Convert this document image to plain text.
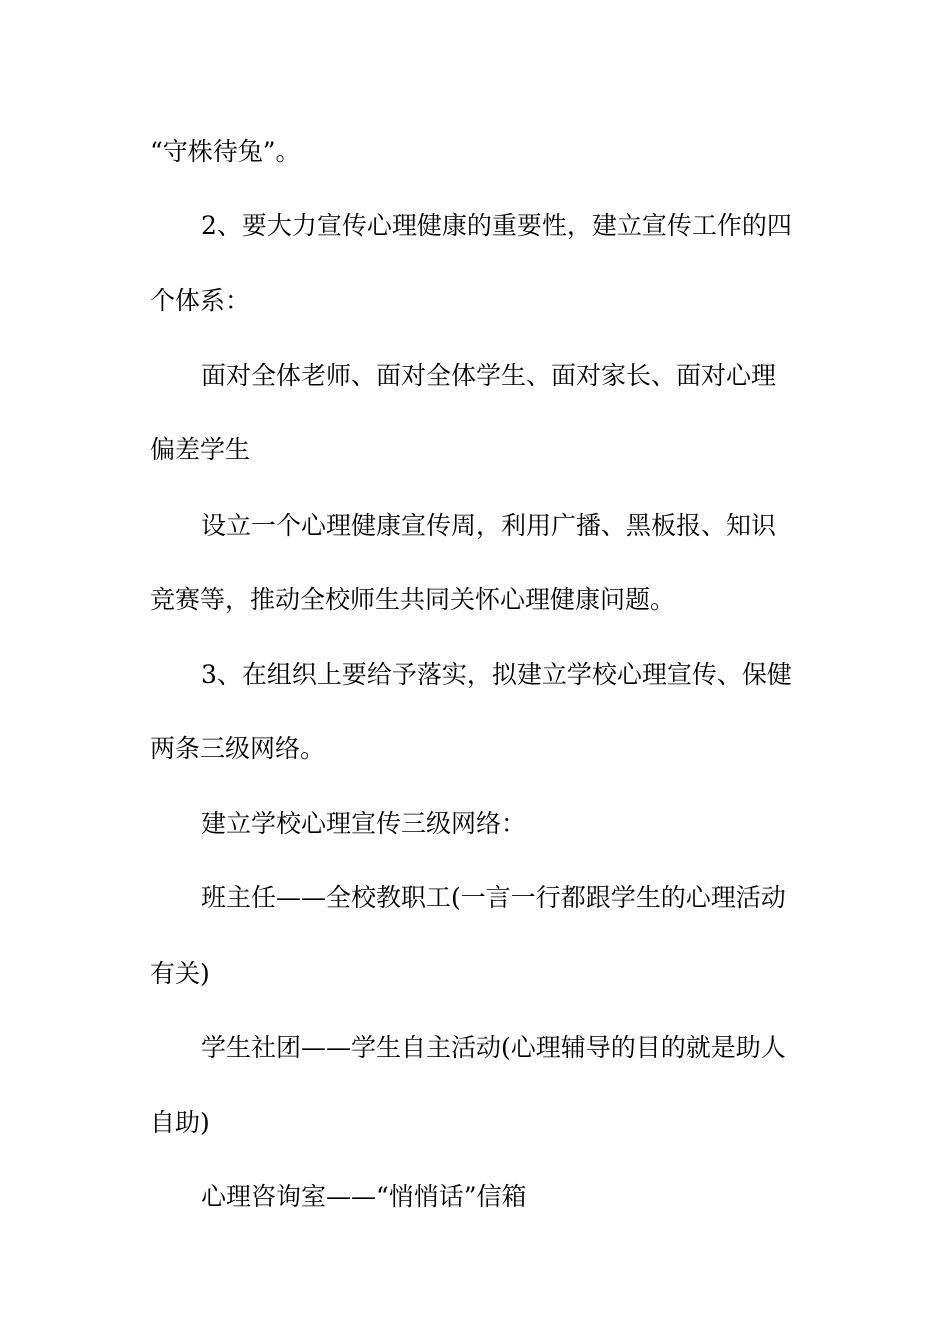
“守株待兔”。
2、要大力宣传心理健康的重要性，建立宣传工作的四
个体系：
面对全体老师、面对全体学生、面对家长、面对心理
偏差学生
设立一个心理健康宣传周，利用广播、黑板报、知识
竞赛等，推动全校师生共同关怀心理健康问题。
3、在组织上要给予落实，拟建立学校心理宣传、保健
两条三级网络。
建立学校心理宣传三级网络：
班主任——全校教职工(一言一行都跟学生的心理活动
有关)
学生社团——学生自主活动(心理辅导的目的就是助人
自助)
心理咨询室——“悄悄话”信箱
